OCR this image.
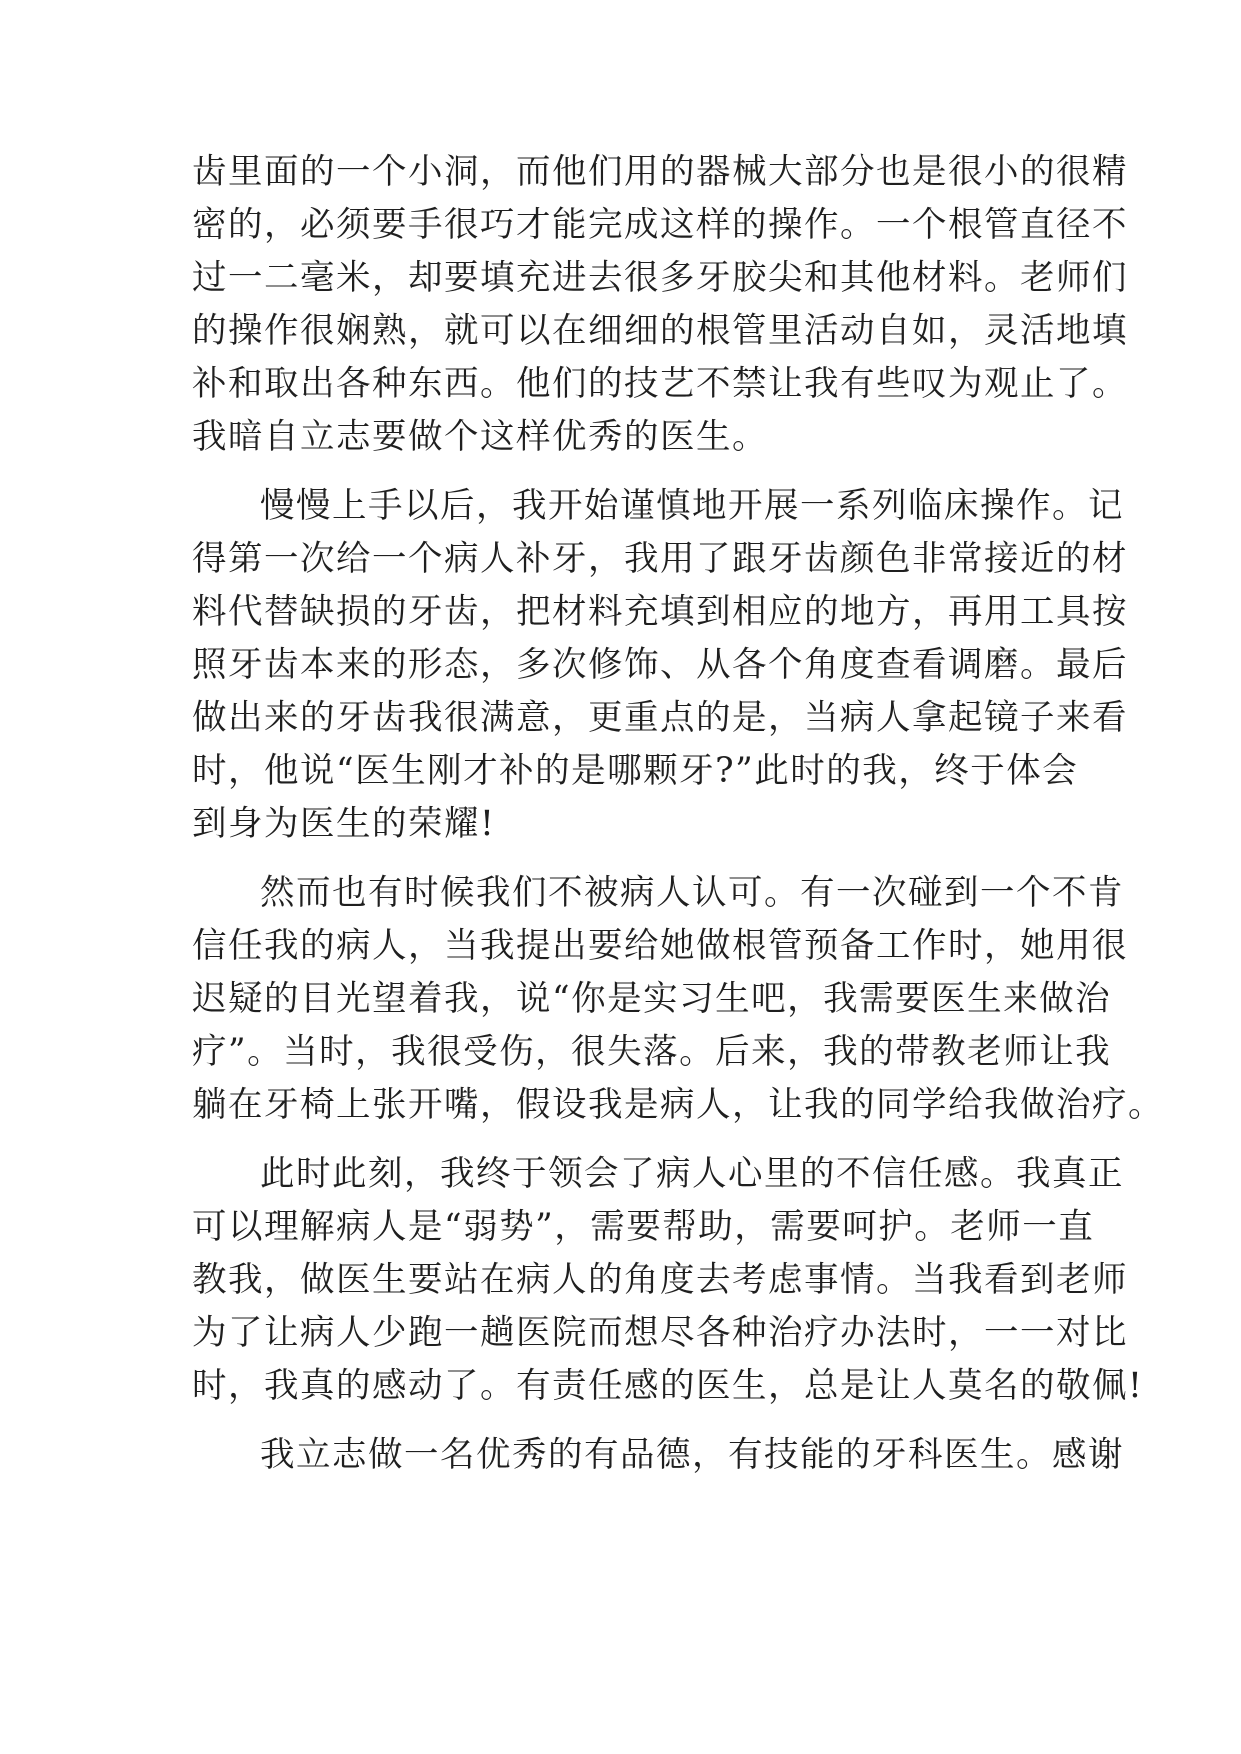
齿里面的一个小洞，而他们用的器械大部分也是很小的很精
密的，必须要手很巧才能完成这样的操作。一个根管直径不
过一二毫米，却要填充进去很多牙胶尖和其他材料。老师们
的操作很娴熟，就可以在细细的根管里活动自如，灵活地填
补和取出各种东西。他们的技艺不禁让我有些叹为观止了。
我暗自立志要做个这样优秀的医生。
慢慢上手以后，我开始谨慎地开展一系列临床操作。记
得第一次给一个病人补牙，我用了跟牙齿颜色非常接近的材
料代替缺损的牙齿，把材料充填到相应的地方，再用工具按
照牙齿本来的形态，多次修饰、从各个角度查看调磨。最后
做出来的牙齿我很满意，更重点的是，当病人拿起镜子来看
时，他说“医生刚才补的是哪颗牙?”此时的我，终于体会
到身为医生的荣耀!
然而也有时候我们不被病人认可。有一次碰到一个不肯
信任我的病人，当我提出要给她做根管预备工作时，她用很
迟疑的目光望着我，说“你是实习生吧，我需要医生来做治
疗”。当时，我很受伤，很失落。后来，我的带教老师让我
躺在牙椅上张开嘴，假设我是病人，让我的同学给我做治疗。
此时此刻，我终于领会了病人心里的不信任感。我真正
可以理解病人是“弱势”，需要帮助，需要呵护。老师一直
教我，做医生要站在病人的角度去考虑事情。当我看到老师
为了让病人少跑一趟医院而想尽各种治疗办法时，一一对比
时，我真的感动了。有责任感的医生，总是让人莫名的敬佩!
我立志做一名优秀的有品德，有技能的牙科医生。感谢
